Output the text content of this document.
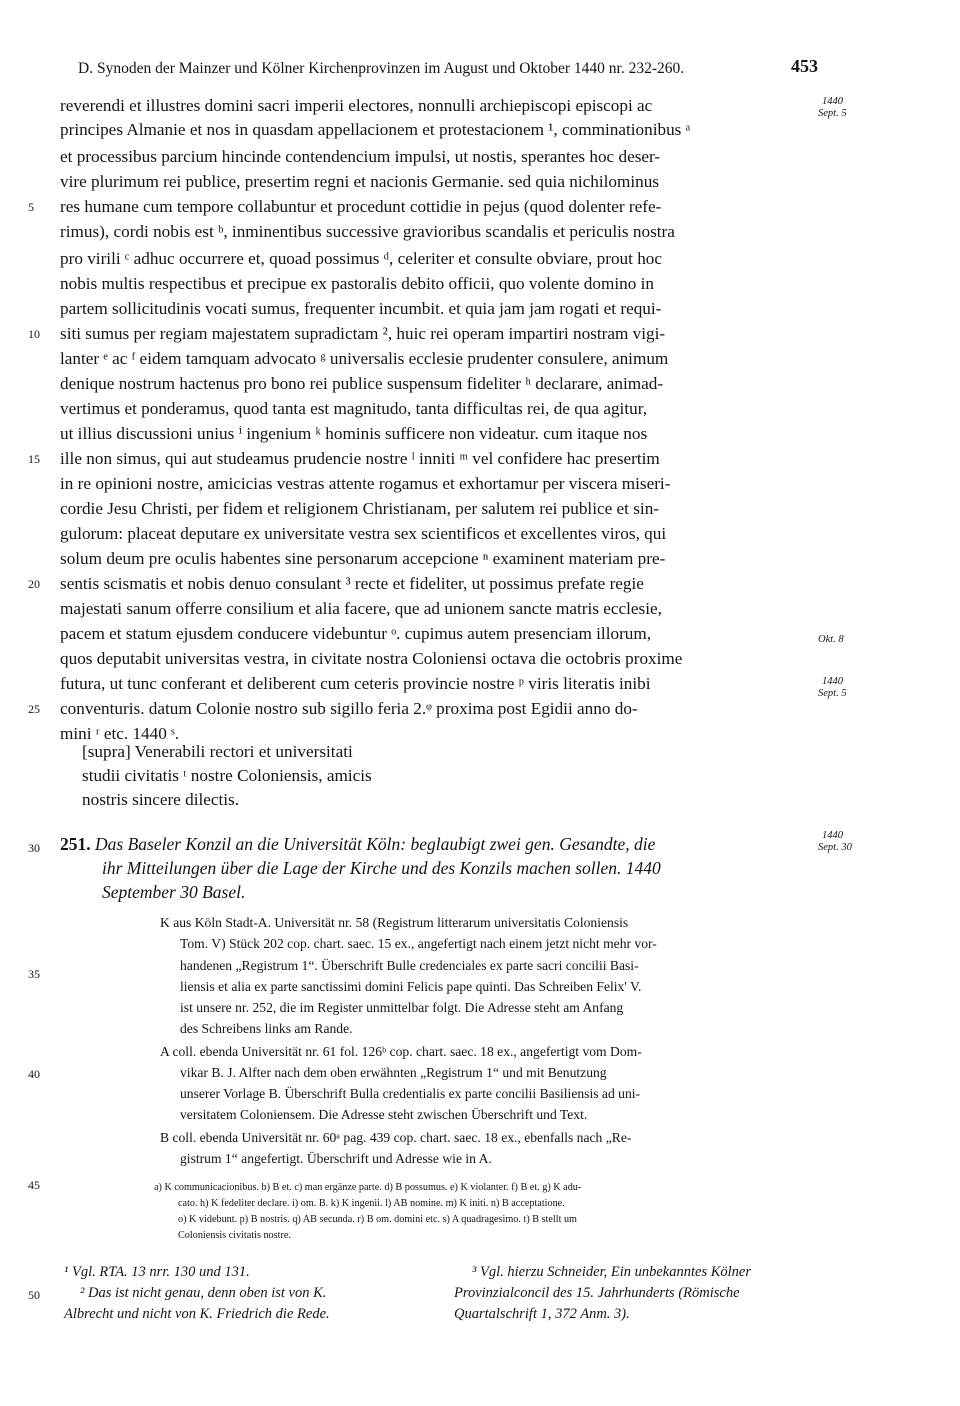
D. Synoden der Mainzer und Kölner Kirchenprovinzen im August und Oktober 1440 nr. 232-260.	453
reverendi et illustres domini sacri imperii electores, nonnulli archiepiscopi episcopi ac
principes Almanie et nos in quasdam appellacionem et protestacionem ¹, comminationibus ᵃ
et processibus parcium hincinde contendencium impulsi, ut nostis, sperantes hoc deser-
vire plurimum rei publice, presertim regni et nacionis Germanie. sed quia nichilominus
res humane cum tempore collabuntur et procedunt cottidie in pejus (quod dolenter refe-
rimus), cordi nobis est ᵇ, inminentibus successive gravioribus scandalis et periculis nostra
pro virili ᶜ adhuc occurrere et, quoad possimus ᵈ, celeriter et consulte obviare, prout hoc
nobis multis respectibus et precipue ex pastoralis debito officii, quo volente domino in
partem sollicitudinis vocati sumus, frequenter incumbit. et quia jam jam rogati et requi-
siti sumus per regiam majestatem supradictam ², huic rei operam impartiri nostram vigi-
lanter ᵉ ac ᶠ eidem tamquam advocato ᵍ universalis ecclesie prudenter consulere, animum
denique nostrum hactenus pro bono rei publice suspensum fideliter ʰ declarare, animad-
vertimus et ponderamus, quod tanta est magnitudo, tanta difficultas rei, de qua agitur,
ut illius discussioni unius ⁱ ingenium ᵏ hominis sufficere non videatur. cum itaque nos
ille non simus, qui aut studeamus prudencie nostre ˡ inniti ᵐ vel confidere hac presertim
in re opinioni nostre, amicicias vestras attente rogamus et exhortamur per viscera miseri-
cordie Jesu Christi, per fidem et religionem Christianam, per salutem rei publice et sin-
gulorum: placeat deputare ex universitate vestra sex scientificos et excellentes viros, qui
solum deum pre oculis habentes sine personarum accepcione ⁿ examinent materiam pre-
sentis scismatis et nobis denuo consulant ³ recte et fideliter, ut possimus prefate regie
majestati sanum offerre consilium et alia facere, que ad unionem sancte matris ecclesie,
pacem et statum ejusdem conducere videbuntur ᵒ. cupimus autem presenciam illorum,
quos deputabit universitas vestra, in civitate nostra Coloniensi octava die octobris proxime
futura, ut tunc conferant et deliberent cum ceteris provincie nostre ᵖ viris literatis inibi
conventuris. datum Colonie nostro sub sigillo feria 2.ᵠ proxima post Egidii anno do-
mini ʳ etc. 1440 ˢ.
5
10
15
20
25
30
35
40
45
50
1440
Sept. 5
Okt. 8
1440
Sept. 5
1440
Sept. 30
[supra] Venerabili rectori et universitati
studii civitatis ᵗ nostre Coloniensis, amicis
nostris sincere dilectis.
251. Das Baseler Konzil an die Universität Köln: beglaubigt zwei gen. Gesandte, die
ihr Mitteilungen über die Lage der Kirche und des Konzils machen sollen. 1440
September 30 Basel.
K aus Köln Stadt-A. Universität nr. 58 (Registrum litterarum universitatis Coloniensis
Tom. V) Stück 202 cop. chart. saec. 15 ex., angefertigt nach einem jetzt nicht mehr vor-
handenen „Registrum 1“. Überschrift Bulle credenciales ex parte sacri concilii Basi-
liensis et alia ex parte sanctissimi domini Felicis pape quinti. Das Schreiben Felix' V.
ist unsere nr. 252, die im Register unmittelbar folgt. Die Adresse steht am Anfang
des Schreibens links am Rande.
A coll. ebenda Universität nr. 61 fol. 126ᵇ cop. chart. saec. 18 ex., angefertigt vom Dom-
vikar B. J. Alfter nach dem oben erwähnten „Registrum 1“ und mit Benutzung
unserer Vorlage B. Überschrift Bulla credentialis ex parte concilii Basiliensis ad uni-
versitatem Coloniensem. Die Adresse steht zwischen Überschrift und Text.
B coll. ebenda Universität nr. 60ᵃ pag. 439 cop. chart. saec. 18 ex., ebenfalls nach „Re-
gistrum 1“ angefertigt. Überschrift und Adresse wie in A.
a) K communicacionibus. b) B et. c) man ergänze parte. d) B possumus. e) K violanter. f) B et. g) K adu-
cato. h) K fedeliter declare. i) om. B. k) K ingenii. l) AB nomine. m) K initi. n) B acceptatione.
o) K videbunt. p) B nostris. q) AB secunda. r) B om. domini etc. s) A quadragesimo. t) B stellt um
Coloniensis civitatis nostre.
¹ Vgl. RTA. 13 nrr. 130 und 131.
² Das ist nicht genau, denn oben ist von K.
Albrecht und nicht von K. Friedrich die Rede.
³ Vgl. hierzu Schneider, Ein unbekanntes Kölner
Provinzialconcil des 15. Jahrhunderts (Römische
Quartalschrift 1, 372 Anm. 3).
